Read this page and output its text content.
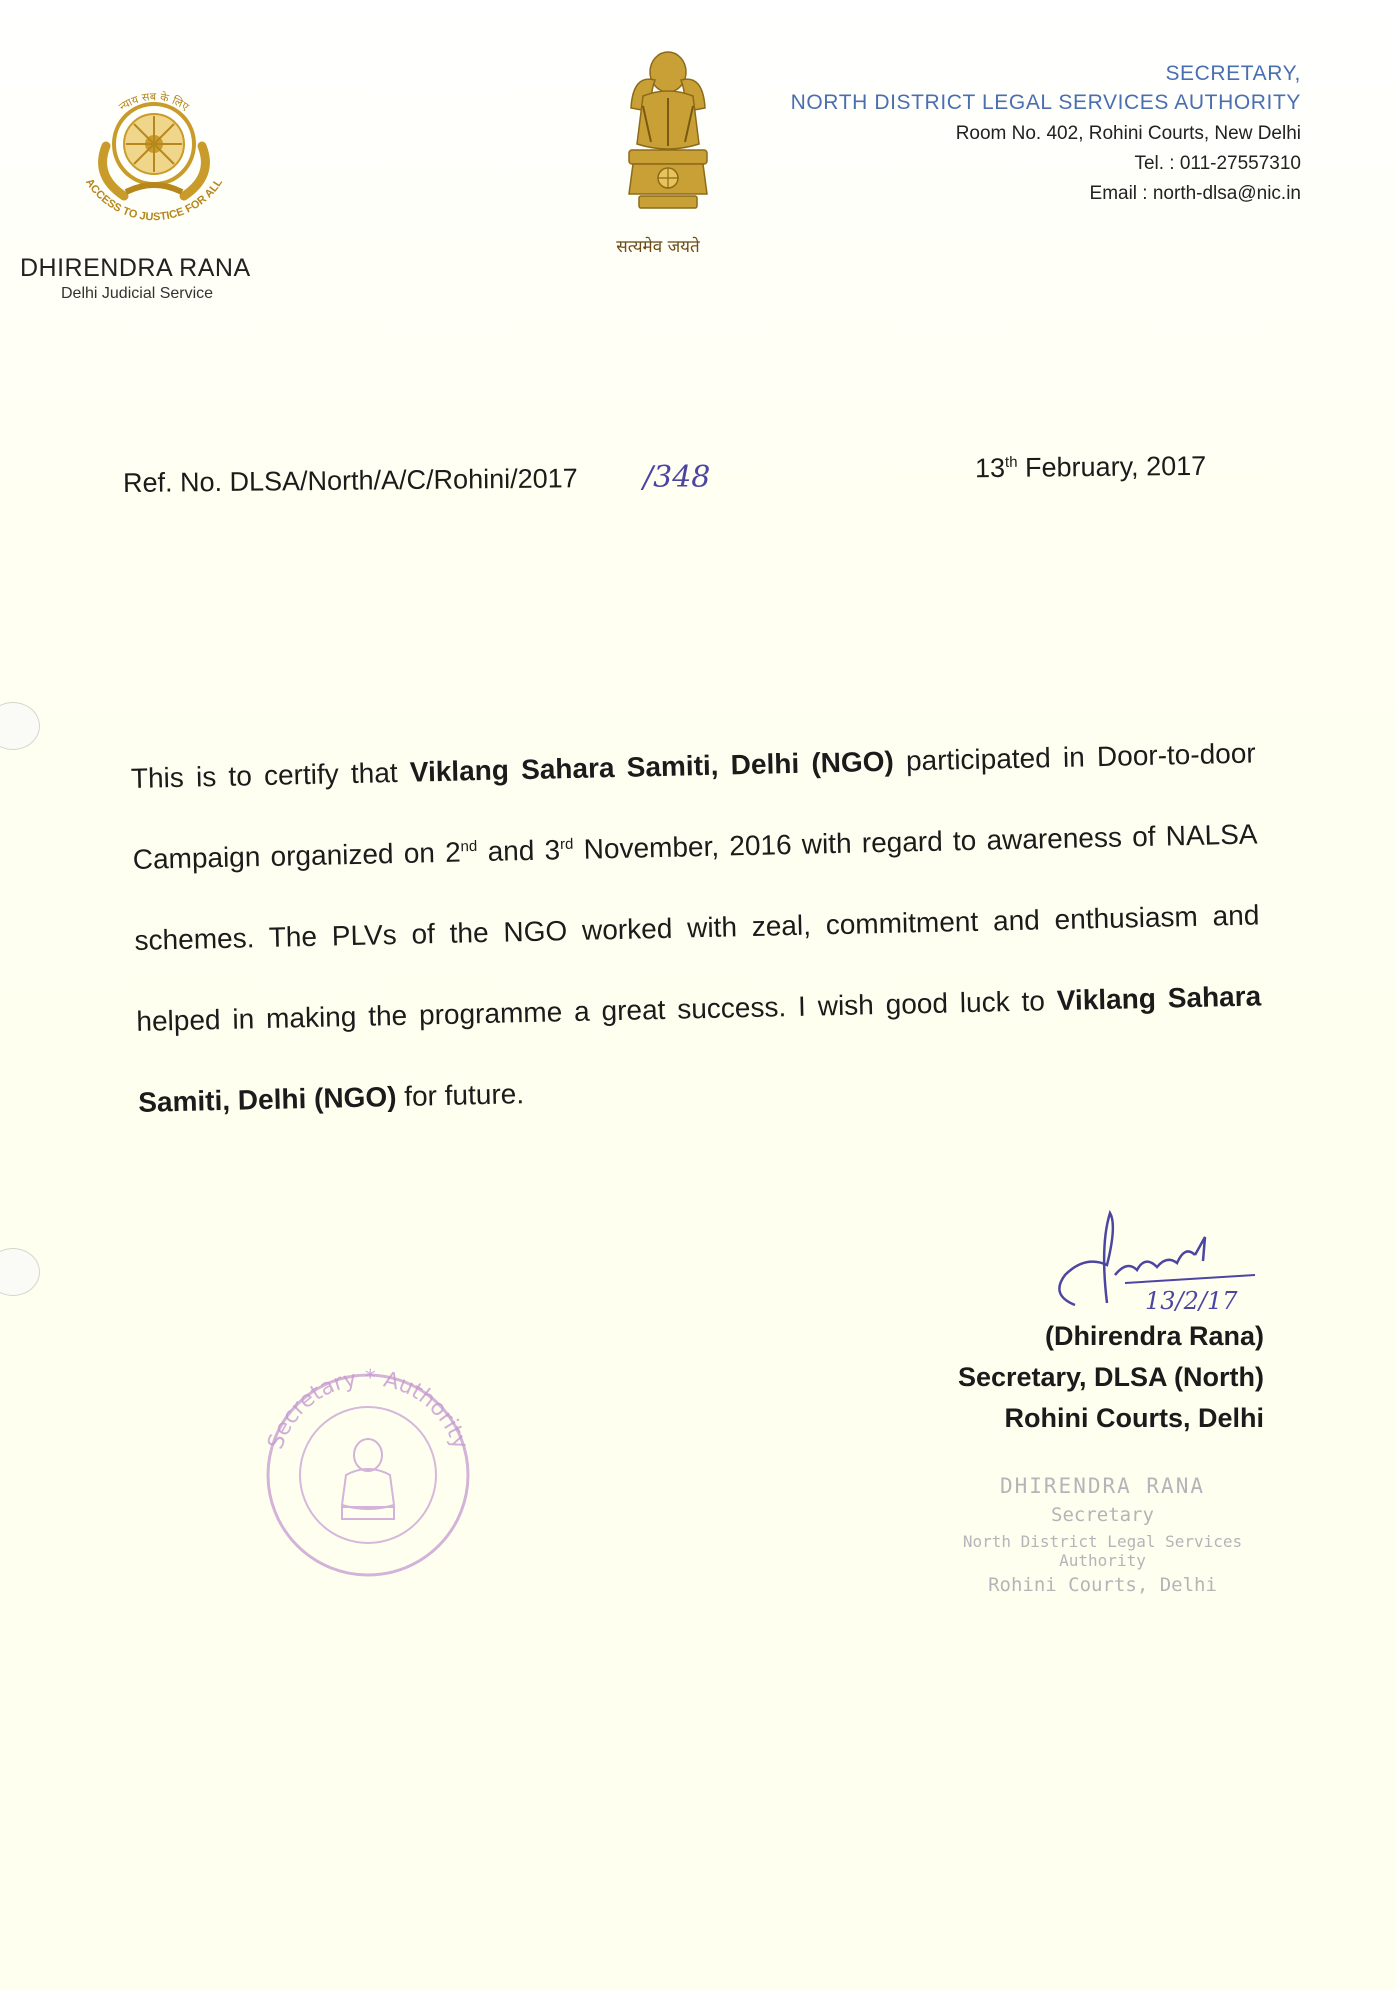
न्याय सब के लिए
ACCESS TO JUSTICE FOR ALL
DHIRENDRA RANA
Delhi Judicial Service
सत्यमेव जयते
SECRETARY,
NORTH DISTRICT LEGAL SERVICES AUTHORITY
Room No. 402, Rohini Courts, New Delhi
Tel. : 011-27557310
Email : north-dlsa@nic.in
Ref. No. DLSA/North/A/C/Rohini/2017 /348	13th February, 2017
This is to certify that Viklang Sahara Samiti, Delhi (NGO) participated in Door-to-door Campaign organized on 2nd and 3rd November, 2016 with regard to awareness of NALSA schemes. The PLVs of the NGO worked with zeal, commitment and enthusiasm and helped in making the programme a great success. I wish good luck to Viklang Sahara Samiti, Delhi (NGO) for future.
13/2/17
(Dhirendra Rana)
Secretary, DLSA (North)
Rohini Courts, Delhi
Secretary * Authority
DHIRENDRA RANA
Secretary
North District Legal Services Authority
Rohini Courts, Delhi
